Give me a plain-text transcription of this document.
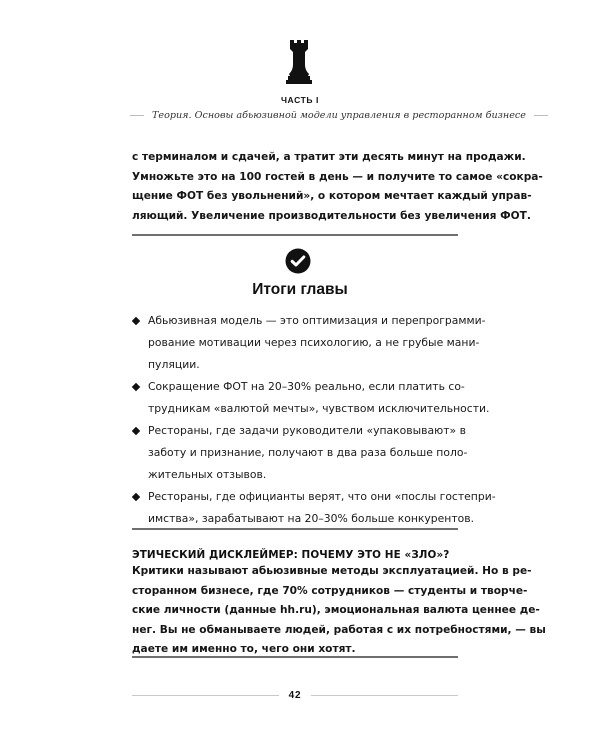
ЧАСТЬ I
Теория. Основы абьюзивной модели управления в ресторанном бизнесе
с терминалом и сдачей, а тратит эти десять минут на продажи.
Умножьте это на 100 гостей в день — и получите то самое «сокра-
щение ФОТ без увольнений», о котором мечтает каждый управ-
ляющий. Увеличение производительности без увеличения ФОТ.
Итоги главы
Абьюзивная модель — это оптимизация и перепрограмми-
рование мотивации через психологию, а не грубые мани-
пуляции.
Сокращение ФОТ на 20–30% реально, если платить со-
трудникам «валютой мечты», чувством исключительности.
Рестораны, где задачи руководители «упаковывают» в
заботу и признание, получают в два раза больше поло-
жительных отзывов.
Рестораны, где официанты верят, что они «послы гостепри-
имства», зарабатывают на 20–30% больше конкурентов.
ЭТИЧЕСКИЙ ДИСКЛЕЙМЕР: ПОЧЕМУ ЭТО НЕ «ЗЛО»?
Критики называют абьюзивные методы эксплуатацией. Но в ре-
сторанном бизнесе, где 70% сотрудников — студенты и творче-
ские личности (данные hh.ru), эмоциональная валюта ценнее де-
нег. Вы не обманываете людей, работая с их потребностями, — вы
даете им именно то, чего они хотят.
42
